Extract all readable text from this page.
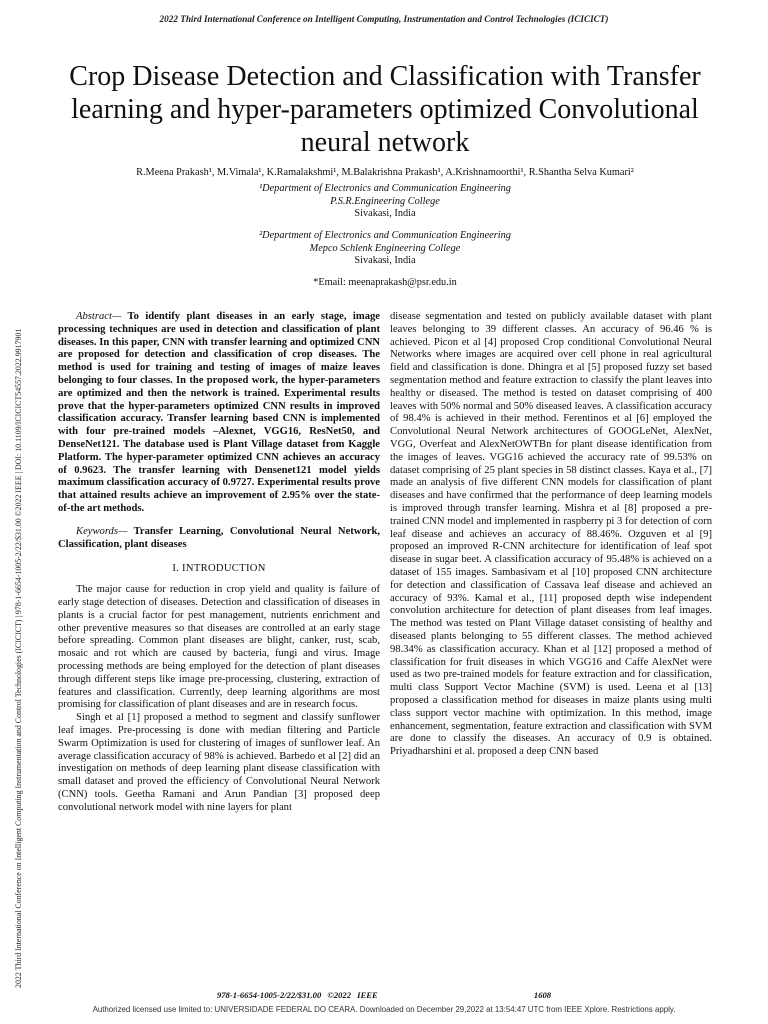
2022 Third International Conference on Intelligent Computing, Instrumentation and Control Technologies (ICICICT)
2022 Third International Conference on Intelligent Computing Instrumentation and Control Technologies (ICICICT) | 978-1-6654-1005-2/22/$31.00 ©2022 IEEE | DOI: 10.1109/ICICICT54557.2022.9917901
Crop Disease Detection and Classification with Transfer learning and hyper-parameters optimized Convolutional neural network
R.Meena Prakash¹, M.Vimala¹, K.Ramalakshmi¹, M.Balakrishna Prakash¹, A.Krishnamoorthi¹, R.Shantha Selva Kumari²
¹Department of Electronics and Communication Engineering
P.S.R.Engineering College
Sivakasi, India
²Department of Electronics and Communication Engineering
Mepco Schlenk Engineering College
Sivakasi, India
*Email: meenaprakash@psr.edu.in

Abstract— To identify plant diseases in an early stage, image processing techniques are used in detection and classification of plant diseases. In this paper, CNN with transfer learning and optimized CNN are proposed for detection and classification of crop diseases. The method is used for training and testing of images of maize leaves belonging to four classes. In the proposed work, the hyper-parameters are optimized and then the network is trained. Experimental results prove that the hyper-parameters optimized CNN results in improved classification accuracy. Transfer learning based CNN is implemented with four pre-trained models –Alexnet, VGG16, ResNet50, and DenseNet121. The database used is Plant Village dataset from Kaggle Platform. The hyper-parameter optimized CNN achieves an accuracy of 0.9623. The transfer learning with Densenet121 model yields maximum classification accuracy of 0.9727. Experimental results prove that attained results achieve an improvement of 2.95% over the state-of-the art methods.

Keywords— Transfer Learning, Convolutional Neural Network, Classification, plant diseases

I. INTRODUCTION

The major cause for reduction in crop yield and quality is failure of early stage detection of diseases. Detection and classification of diseases in plants is a crucial factor for pest management, nutrients enrichment and other preventive measures so that diseases are controlled at an early stage before spreading. Common plant diseases are blight, canker, rust, scab, mosaic and rot which are caused by bacteria, fungi and virus. Image processing methods are being employed for the detection of plant diseases through different steps like image pre-processing, clustering, extraction of features and classification. Currently, deep learning algorithms are most promising for classification of plant diseases and are in research focus.

Singh et al [1] proposed a method to segment and classify sunflower leaf images. Pre-processing is done with median filtering and Particle Swarm Optimization is used for clustering of images of sunflower leaf. An average classification accuracy of 98% is achieved. Barbedo et al [2] did an investigation on methods of deep learning plant disease classification with small dataset and proved the efficiency of Convolutional Neural Network (CNN) tools. Geetha Ramani and Arun Pandian [3] proposed deep convolutional network model with nine layers for plant

disease segmentation and tested on publicly available dataset with plant leaves belonging to 39 different classes. An accuracy of 96.46 % is achieved. Picon et al [4] proposed Crop conditional Convolutional Neural Networks where images are acquired over cell phone in real agricultural field and classification is done. Dhingra et al [5] proposed fuzzy set based segmentation method and feature extraction to classify the plant leaves into healthy or diseased. The method is tested on dataset comprising of 400 leaves with 50% normal and 50% diseased leaves. A classification accuracy of 98.4% is achieved in their method. Ferentinos et al [6] employed the Convolutional Neural Network architectures of GOOGLeNet, AlexNet, VGG, Overfeat and AlexNetOWTBn for plant disease identification from the images of leaves. VGG16 achieved the accuracy rate of 99.53% on dataset comprising of 25 plant species in 58 distinct classes. Kaya et al., [7] made an analysis of five different CNN models for classification of plant diseases and have confirmed that the performance of deep learning models is improved through transfer learning. Mishra et al [8] proposed a pre-trained CNN model and implemented in raspberry pi 3 for detection of corn leaf disease and achieves an accuracy of 88.46%. Ozguven et al [9] proposed an improved R-CNN architecture for identification of leaf spot disease in sugar beet. A classification accuracy of 95.48% is achieved on a dataset of 155 images. Sambasivam et al [10] proposed CNN architecture for detection and classification of Cassava leaf disease and achieved an accuracy of 93%. Kamal et al., [11] proposed depth wise independent convolution architecture for detection of plant diseases from leaf images. The method was tested on Plant Village dataset consisting of healthy and diseased plants belonging to 55 different classes. The method achieved 98.34% as classification accuracy. Khan et al [12] proposed a method of classification for fruit diseases in which VGG16 and Caffe AlexNet were used as two pre-trained models for feature extraction and for classification, multi class Support Vector Machine (SVM) is used. Leena et al [13] proposed a classification method for diseases in maize plants using multi class support vector machine with optimization. In this method, image enhancement, segmentation, feature extraction and classification with SVM are done to classify the diseases. An accuracy of 0.9 is obtained. Priyadharshini et al. proposed a deep CNN based

978-1-6654-1005-2/22/$31.00 ©2022 IEEE	1608
Authorized licensed use limited to: UNIVERSIDADE FEDERAL DO CEARA. Downloaded on December 29,2022 at 13:54:47 UTC from IEEE Xplore. Restrictions apply.
